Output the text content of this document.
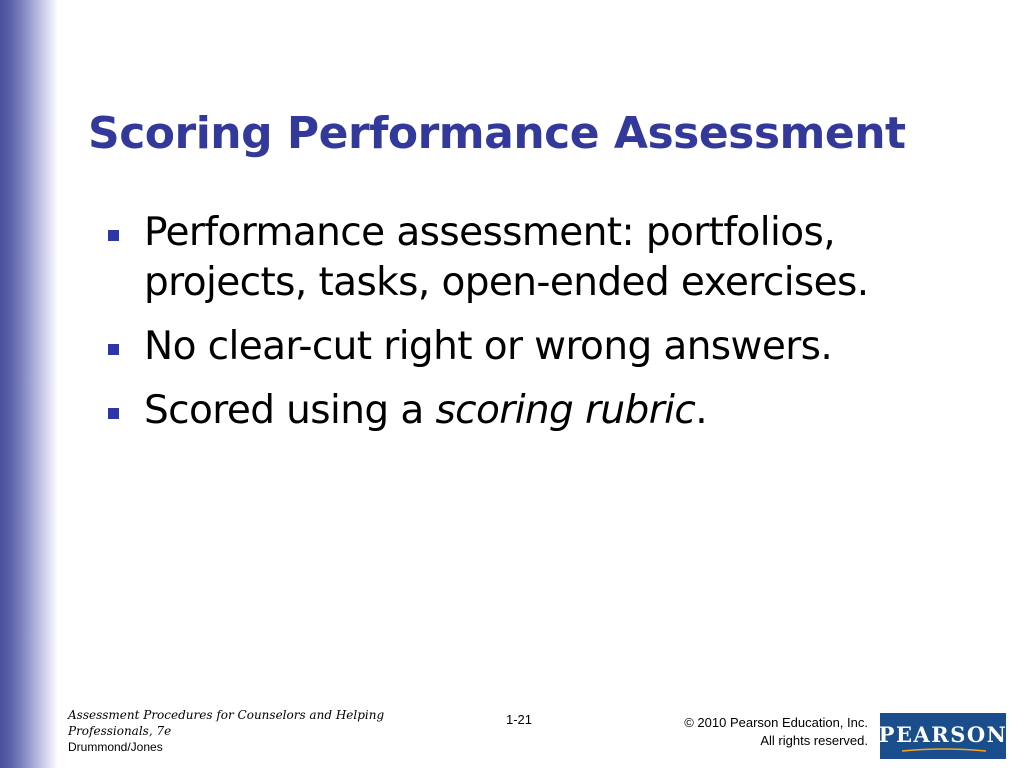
Scoring Performance Assessment
Performance assessment: portfolios,
projects, tasks, open-ended exercises.
No clear-cut right or wrong answers.
Scored using a scoring rubric.
Assessment Procedures for Counselors and Helping
Professionals, 7e
Drummond/Jones
1-21	© 2010 Pearson Education, Inc.
All rights reserved. PEARSON
